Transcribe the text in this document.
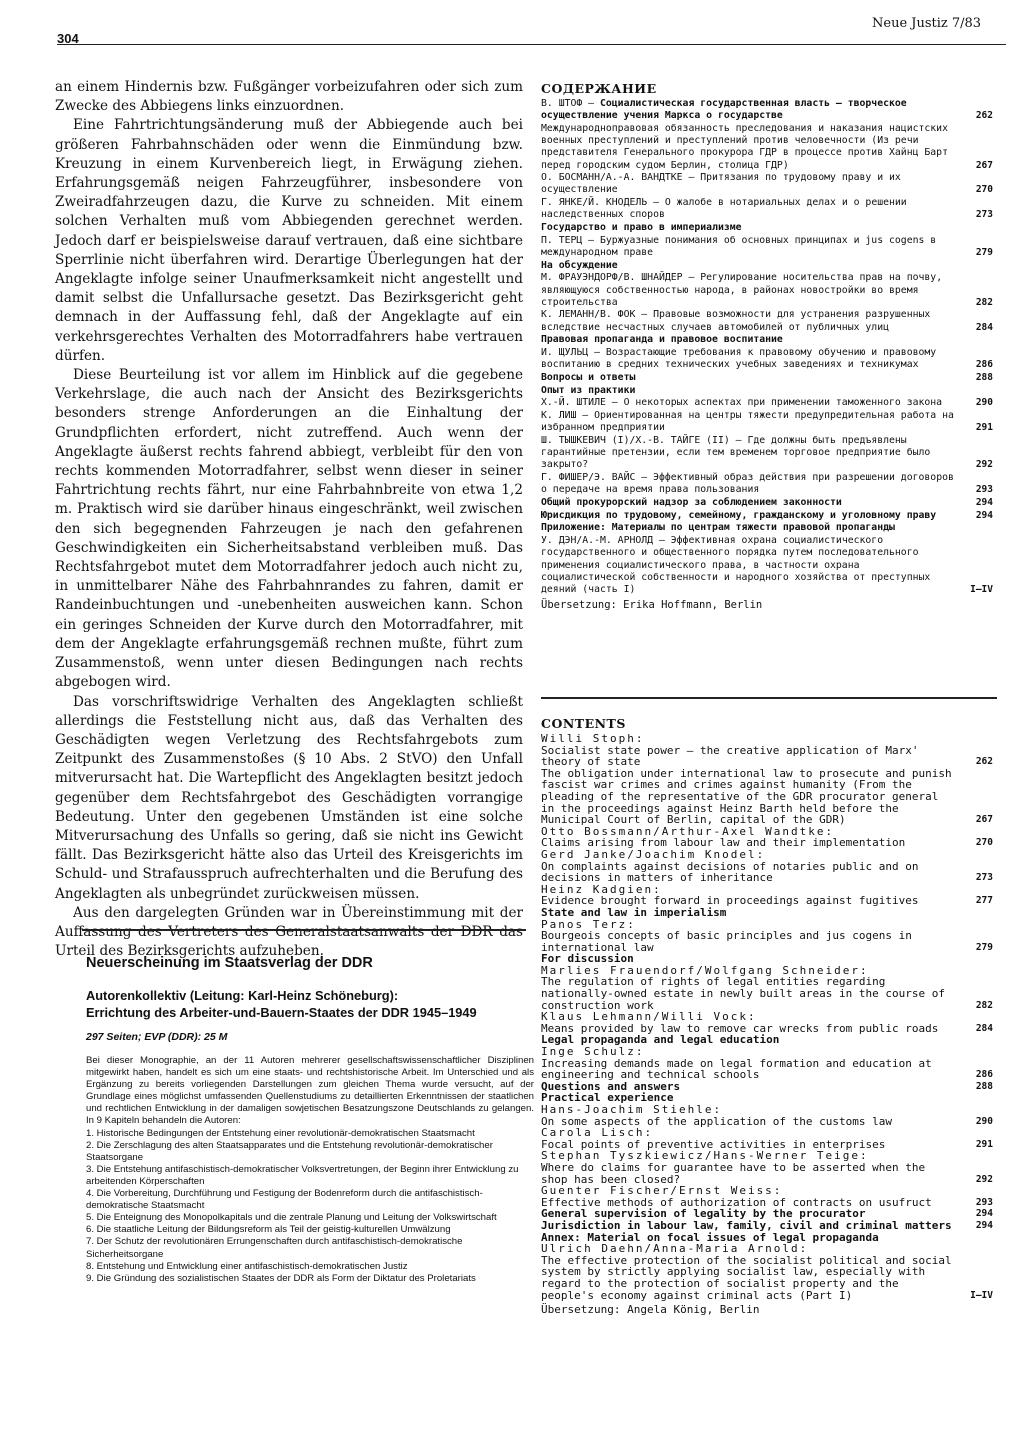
304
Neue Justiz 7/83

an einem Hindernis bzw. Fußgänger vorbeizufahren oder sich zum Zwecke des Abbiegens links einzuordnen.

Eine Fahrtrichtungsänderung muß der Abbiegende auch bei größeren Fahrbahnschäden oder wenn die Einmündung bzw. Kreuzung in einem Kurvenbereich liegt, in Erwägung ziehen. Erfahrungsgemäß neigen Fahrzeugführer, insbesondere von Zweiradfahrzeugen dazu, die Kurve zu schneiden. Mit einem solchen Verhalten muß vom Abbiegenden gerechnet werden. Jedoch darf er beispielsweise darauf vertrauen, daß eine sichtbare Sperrlinie nicht überfahren wird. Derartige Überlegungen hat der Angeklagte infolge seiner Unaufmerksamkeit nicht angestellt und damit selbst die Unfallursache gesetzt. Das Bezirksgericht geht demnach in der Auffassung fehl, daß der Angeklagte auf ein verkehrsgerechtes Verhalten des Motorradfahrers habe vertrauen dürfen.

Diese Beurteilung ist vor allem im Hinblick auf die gegebene Verkehrslage, die auch nach der Ansicht des Bezirksgerichts besonders strenge Anforderungen an die Einhaltung der Grundpflichten erfordert, nicht zutreffend. Auch wenn der Angeklagte äußerst rechts fahrend abbiegt, verbleibt für den von rechts kommenden Motorradfahrer, selbst wenn dieser in seiner Fahrtrichtung rechts fährt, nur eine Fahrbahnbreite von etwa 1,2 m. Praktisch wird sie darüber hinaus eingeschränkt, weil zwischen den sich begegnenden Fahrzeugen je nach den gefahrenen Geschwindigkeiten ein Sicherheitsabstand verbleiben muß. Das Rechtsfahrgebot mutet dem Motorradfahrer jedoch auch nicht zu, in unmittelbarer Nähe des Fahrbahnrandes zu fahren, damit er Randeinbuchtungen und -unebenheiten ausweichen kann. Schon ein geringes Schneiden der Kurve durch den Motorradfahrer, mit dem der Angeklagte erfahrungsgemäß rechnen mußte, führt zum Zusammenstoß, wenn unter diesen Bedingungen nach rechts abgebogen wird.

Das vorschriftswidrige Verhalten des Angeklagten schließt allerdings die Feststellung nicht aus, daß das Verhalten des Geschädigten wegen Verletzung des Rechtsfahrgebots zum Zeitpunkt des Zusammenstoßes (§ 10 Abs. 2 StVO) den Unfall mitverursacht hat. Die Wartepflicht des Angeklagten besitzt jedoch gegenüber dem Rechtsfahrgebot des Geschädigten vorrangige Bedeutung. Unter den gegebenen Umständen ist eine solche Mitverursachung des Unfalls so gering, daß sie nicht ins Gewicht fällt. Das Bezirksgericht hätte also das Urteil des Kreisgerichts im Schuld- und Strafausspruch aufrechterhalten und die Berufung des Angeklagten als unbegründet zurückweisen müssen.

Aus den dargelegten Gründen war in Übereinstimmung mit der Auffassung des Vertreters des Generalstaatsanwalts der DDR das Urteil des Bezirksgerichts aufzuheben.

Neuerscheinung im Staatsverlag der DDR
Autorenkollektiv (Leitung: Karl-Heinz Schöneburg):
Errichtung des Arbeiter-und-Bauern-Staates der DDR 1945–1949
297 Seiten; EVP (DDR): 25 M

Bei dieser Monographie, an der 11 Autoren mehrerer gesellschaftswissenschaftlicher Disziplinen mitgewirkt haben, handelt es sich um eine staats- und rechtshistorische Arbeit. Im Unterschied und als Ergänzung zu bereits vorliegenden Darstellungen zum gleichen Thema wurde versucht, auf der Grundlage eines möglichst umfassenden Quellenstudiums zu detaillierten Erkenntnissen der staatlichen und rechtlichen Entwicklung in der damaligen sowjetischen Besatzungszone Deutschlands zu gelangen. In 9 Kapiteln behandeln die Autoren:

1. Historische Bedingungen der Entstehung einer revolutionär-demokratischen Staatsmacht
2. Die Zerschlagung des alten Staatsapparates und die Entstehung revolutionär-demokratischer Staatsorgane
3. Die Entstehung antifaschistisch-demokratischer Volksvertretungen, der Beginn ihrer Entwicklung zu arbeitenden Körperschaften
4. Die Vorbereitung, Durchführung und Festigung der Bodenreform durch die antifaschistisch-demokratische Staatsmacht
5. Die Enteignung des Monopolkapitals und die zentrale Planung und Leitung der Volkswirtschaft
6. Die staatliche Leitung der Bildungsreform als Teil der geistig-kulturellen Umwälzung
7. Der Schutz der revolutionären Errungenschaften durch antifaschistisch-demokratische Sicherheitsorgane
8. Entstehung und Entwicklung einer antifaschistisch-demokratischen Justiz
9. Die Gründung des sozialistischen Staates der DDR als Form der Diktatur des Proletariats
СОДЕРЖАНИЕ
В. ШТОФ — Социалистическая государственная власть — творческое осуществление учения Маркса о государстве	262
Международноправовая обязанность преследования и наказания нацистских военных преступлений и преступлений против человечности (Из речи представителя Генерального прокурора ГДР в процессе против Хайнц Барт перед городским судом Берлин, столица ГДР)	267
О. БОСМАНН/А.-А. ВАНДТКЕ — Притязания по трудовому праву и их осуществление	270
Г. ЯНКЕ/Й. КНОДЕЛЬ — О жалобе в нотариальных делах и о решении наследственных споров	273
Государство и право в империализме
П. ТЕРЦ — Буржуазные понимания об основных принципах и jus cogens в международном праве	279
На обсуждение
М. ФРАУЭНДОРФ/В. ШНАЙДЕР — Регулирование носительства прав на почву, являющуюся собственностью народа, в районах новостройки во время строительства	282
К. ЛЕМАНН/В. ФОК — Правовые возможности для устранения разрушенных вследствие несчастных случаев автомобилей от публичных улиц	284
Правовая пропаганда и правовое воспитание
И. ЩУЛЬЦ — Возрастающие требования к правовому обучению и правовому воспитанию в средних технических учебных заведениях и техникумах	286
Вопросы и ответы	288
Опыт из практики
Х.-Й. ШТИЛЕ — О некоторых аспектах при применении таможенного закона	290
К. ЛИШ — Ориентированная на центры тяжести предупредительная работа на избранном предприятии	291
Ш. ТЫШКЕВИЧ (I)/Х.-В. ТАЙГЕ (II) — Где должны быть предъявлены гарантийные претензии, если тем временем торговое предприятие было закрыто?	292
Г. ФИШЕР/Э. ВАЙС — Эффективный образ действия при разрешении договоров о передаче на время права пользования	293
Общий прокурорский надзор за соблюдением законности	294
Юрисдикция по трудовому, семейному, гражданскому и уголовному праву	294
Приложение: Материалы по центрам тяжести правовой пропаганды
У. ДЭН/А.-М. АРНОЛД — Эффективная охрана социалистического государственного и общественного порядка путем последовательного применения социалистического права, в частности охрана социалистической собственности и народного хозяйства от преступных деяний (часть I)	I—IV
Übersetzung: Erika Hoffmann, Berlin
CONTENTS
Willi Stoph:
Socialist state power — the creative application of Marx' theory of state	262
The obligation under international law to prosecute and punish fascist war crimes and crimes against humanity (From the pleading of the representative of the GDR procurator general in the proceedings against Heinz Barth held before the Municipal Court of Berlin, capital of the GDR)	267
Otto Bossmann/Arthur-Axel Wandtke:
Claims arising from labour law and their implementation	270
Gerd Janke/Joachim Knodel:
On complaints against decisions of notaries public and on decisions in matters of inheritance	273
Heinz Kadgien:
Evidence brought forward in proceedings against fugitives	277
State and law in imperialism
Panos Terz:
Bourgeois concepts of basic principles and jus cogens in international law	279
For discussion
Marlies Frauendorf/Wolfgang Schneider:
The regulation of rights of legal entities regarding nationally-owned estate in newly built areas in the course of construction work	282
Klaus Lehmann/Willi Vock:
Means provided by law to remove car wrecks from public roads	284
Legal propaganda and legal education
Inge Schulz:
Increasing demands made on legal formation and education at engineering and technical schools	286
Questions and answers	288
Practical experience
Hans-Joachim Stiehle:
On some aspects of the application of the customs law	290
Carola Lisch:
Focal points of preventive activities in enterprises	291
Stephan Tyszkiewicz/Hans-Werner Teige:
Where do claims for guarantee have to be asserted when the shop has been closed?	292
Guenter Fischer/Ernst Weiss:
Effective methods of authorization of contracts on usufruct	293
General supervision of legality by the procurator	294
Jurisdiction in labour law, family, civil and criminal matters	294
Annex: Material on focal issues of legal propaganda
Ulrich Daehn/Anna-Maria Arnold:
The effective protection of the socialist political and social system by strictly applying socialist law, especially with regard to the protection of socialist property and the people's economy against criminal acts (Part I)	I—IV
Übersetzung: Angela König, Berlin
